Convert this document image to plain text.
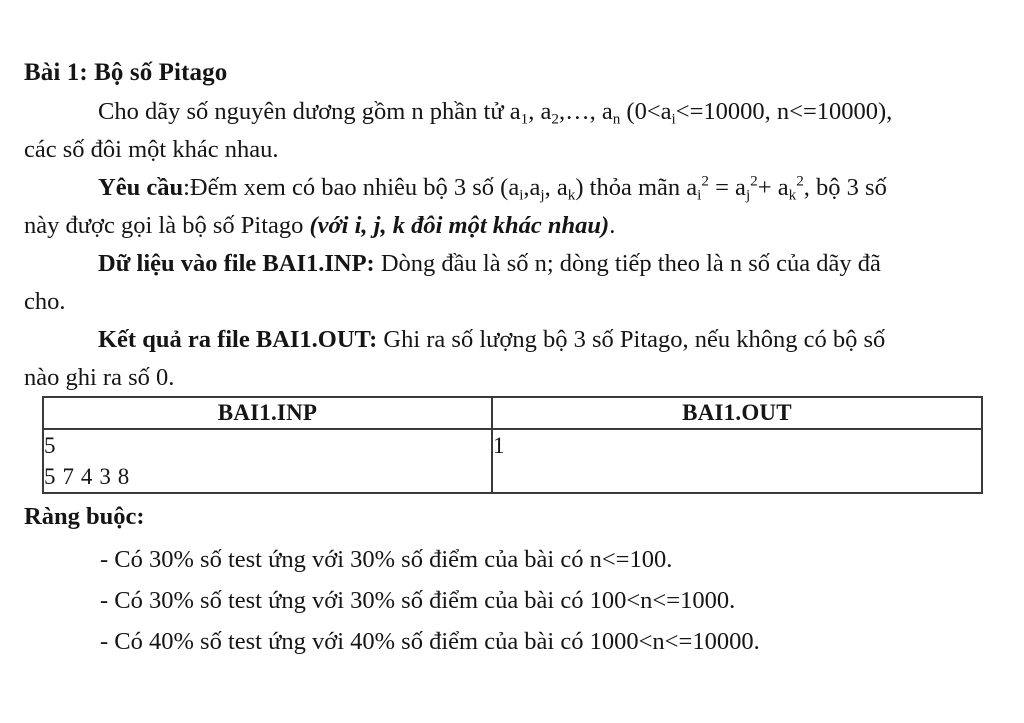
Bài 1: Bộ số Pitago

Cho dãy số nguyên dương gồm n phần tử $a_1$, $a_2,\dots$, $a_n$ ($0<a_i<=10000$, n<=10000),

các số đôi một khác nhau.

Yêu cầu:Đếm xem có bao nhiêu bộ 3 số ($a_i,a_j$, $a_k$) thỏa mãn $a_i^2 = a_j^2+ a_k^2$, bộ 3 số

này được gọi là bộ số Pitago (với i, j, k đôi một khác nhau).

Dữ liệu vào file BAI1.INP: Dòng đầu là số n; dòng tiếp theo là n số của dãy đã

cho.

Kết quả ra file BAI1.OUT: Ghi ra số lượng bộ 3 số Pitago, nếu không có bộ số

nào ghi ra số 0.

BAI1.INP	BAI1.OUT

5
5 7 4 3 8	1

Ràng buộc:

- Có 30% số test ứng với 30% số điểm của bài có n<=100.

- Có 30% số test ứng với 30% số điểm của bài có 100<n<=1000.

- Có 40% số test ứng với 40% số điểm của bài có 1000<n<=10000.
